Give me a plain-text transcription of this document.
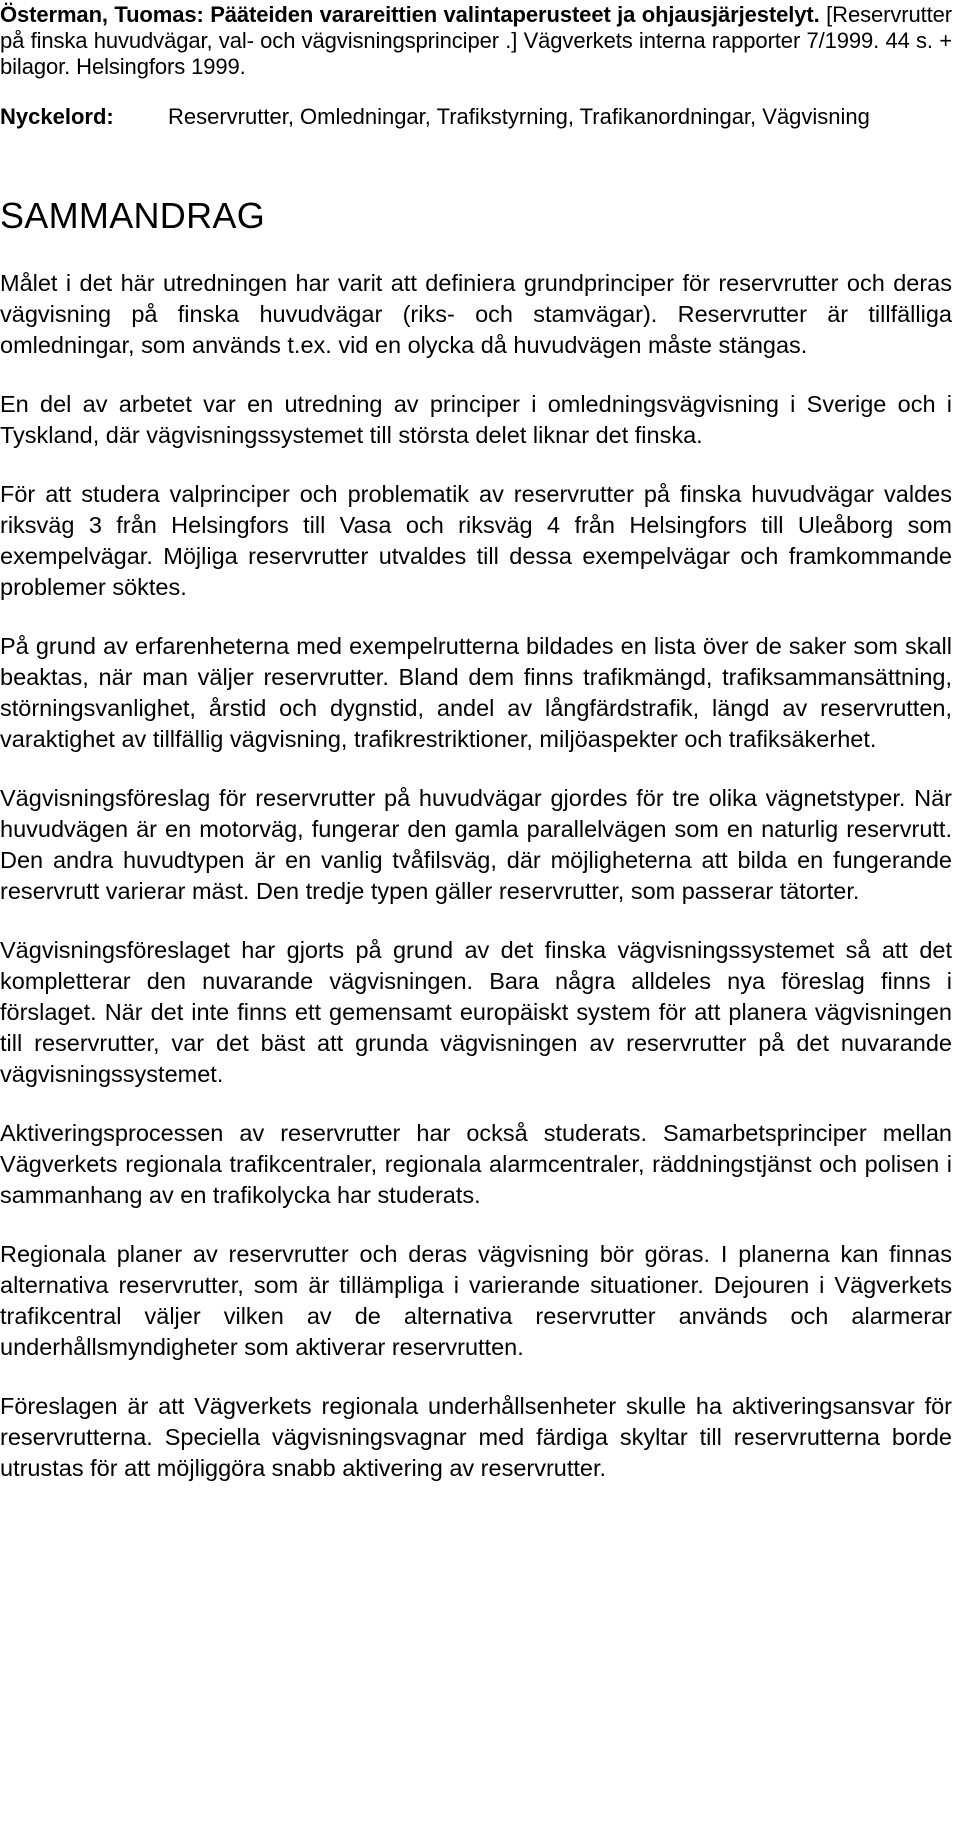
Österman, Tuomas: Pääteiden varareittien valintaperusteet ja ohjausjärjestelyt. [Reservrutter på finska huvudvägar, val- och vägvisningsprinciper .] Vägverkets interna rapporter 7/1999. 44 s. + bilagor. Helsingfors 1999.
Nyckelord: Reservrutter, Omledningar, Trafikstyrning, Trafikanordningar, Vägvisning
SAMMANDRAG

Målet i det här utredningen har varit att definiera grundprinciper för reservrutter och deras vägvisning på finska huvudvägar (riks- och stamvägar). Reservrutter är tillfälliga omledningar, som används t.ex. vid en olycka då huvudvägen måste stängas.

En del av arbetet var en utredning av principer i omledningsvägvisning i Sverige och i Tyskland, där vägvisningssystemet till största delet liknar det finska.

För att studera valprinciper och problematik av reservrutter på finska huvudvägar valdes riksväg 3 från Helsingfors till Vasa och riksväg 4 från Helsingfors till Uleåborg som exempelvägar. Möjliga reservrutter utvaldes till dessa exempelvägar och framkommande problemer söktes.

På grund av erfarenheterna med exempelrutterna bildades en lista över de saker som skall beaktas, när man väljer reservrutter. Bland dem finns trafikmängd, trafiksammansättning, störningsvanlighet, årstid och dygnstid, andel av långfärdstrafik, längd av reservrutten, varaktighet av tillfällig vägvisning, trafikrestriktioner, miljöaspekter och trafiksäkerhet.

Vägvisningsföreslag för reservrutter på huvudvägar gjordes för tre olika vägnetstyper. När huvudvägen är en motorväg, fungerar den gamla parallelvägen som en naturlig reservrutt. Den andra huvudtypen är en vanlig tvåfilsväg, där möjligheterna att bilda en fungerande reservrutt varierar mäst. Den tredje typen gäller reservrutter, som passerar tätorter.

Vägvisningsföreslaget har gjorts på grund av det finska vägvisningssystemet så att det kompletterar den nuvarande vägvisningen. Bara några alldeles nya föreslag finns i förslaget. När det inte finns ett gemensamt europäiskt system för att planera vägvisningen till reservrutter, var det bäst att grunda vägvisningen av reservrutter på det nuvarande vägvisningssystemet.

Aktiveringsprocessen av reservrutter har också studerats. Samarbetsprinciper mellan Vägverkets regionala trafikcentraler, regionala alarmcentraler, räddningstjänst och polisen i sammanhang av en trafikolycka har studerats.

Regionala planer av reservrutter och deras vägvisning bör göras. I planerna kan finnas alternativa reservrutter, som är tillämpliga i varierande situationer. Dejouren i Vägverkets trafikcentral väljer vilken av de alternativa reservrutter används och alarmerar underhållsmyndigheter som aktiverar reservrutten.

Föreslagen är att Vägverkets regionala underhållsenheter skulle ha aktiveringsansvar för reservrutterna. Speciella vägvisningsvagnar med färdiga skyltar till reservrutterna borde utrustas för att möjliggöra snabb aktivering av reservrutter.
